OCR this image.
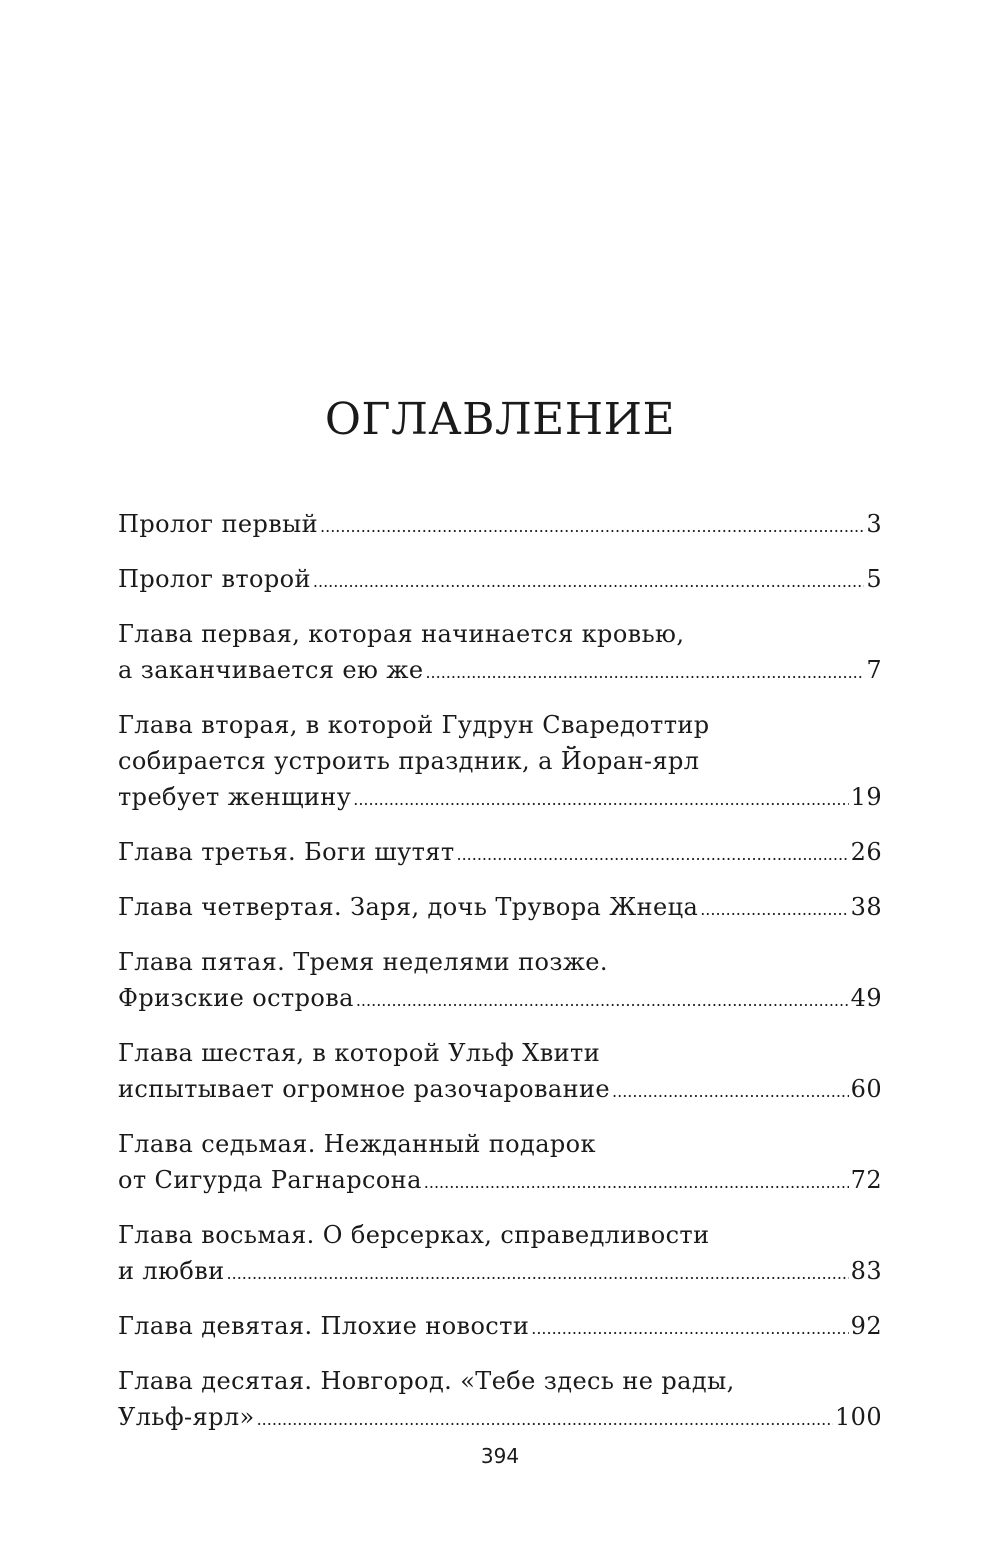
ОГЛАВЛЕНИЕ
Пролог первый .....	3
Пролог второй .....	5
Глава первая, которая начинается кровью,
а заканчивается ею же .....	7
Глава вторая, в которой Гудрун Сваредоттир
собирается устроить праздник, а Йоран-ярл
требует женщину .....	19
Глава третья. Боги шутят .....	26
Глава четвертая. Заря, дочь Трувора Жнеца .....	38
Глава пятая. Тремя неделями позже.
Фризские острова .....	49
Глава шестая, в которой Ульф Хвити
испытывает огромное разочарование .....	60
Глава седьмая. Нежданный подарок
от Сигурда Рагнарсона .....	72
Глава восьмая. О берсерках, справедливости
и любви .....	83
Глава девятая. Плохие новости .....	92
Глава десятая. Новгород. «Тебе здесь не рады,
Ульф-ярл» .....	100
394
